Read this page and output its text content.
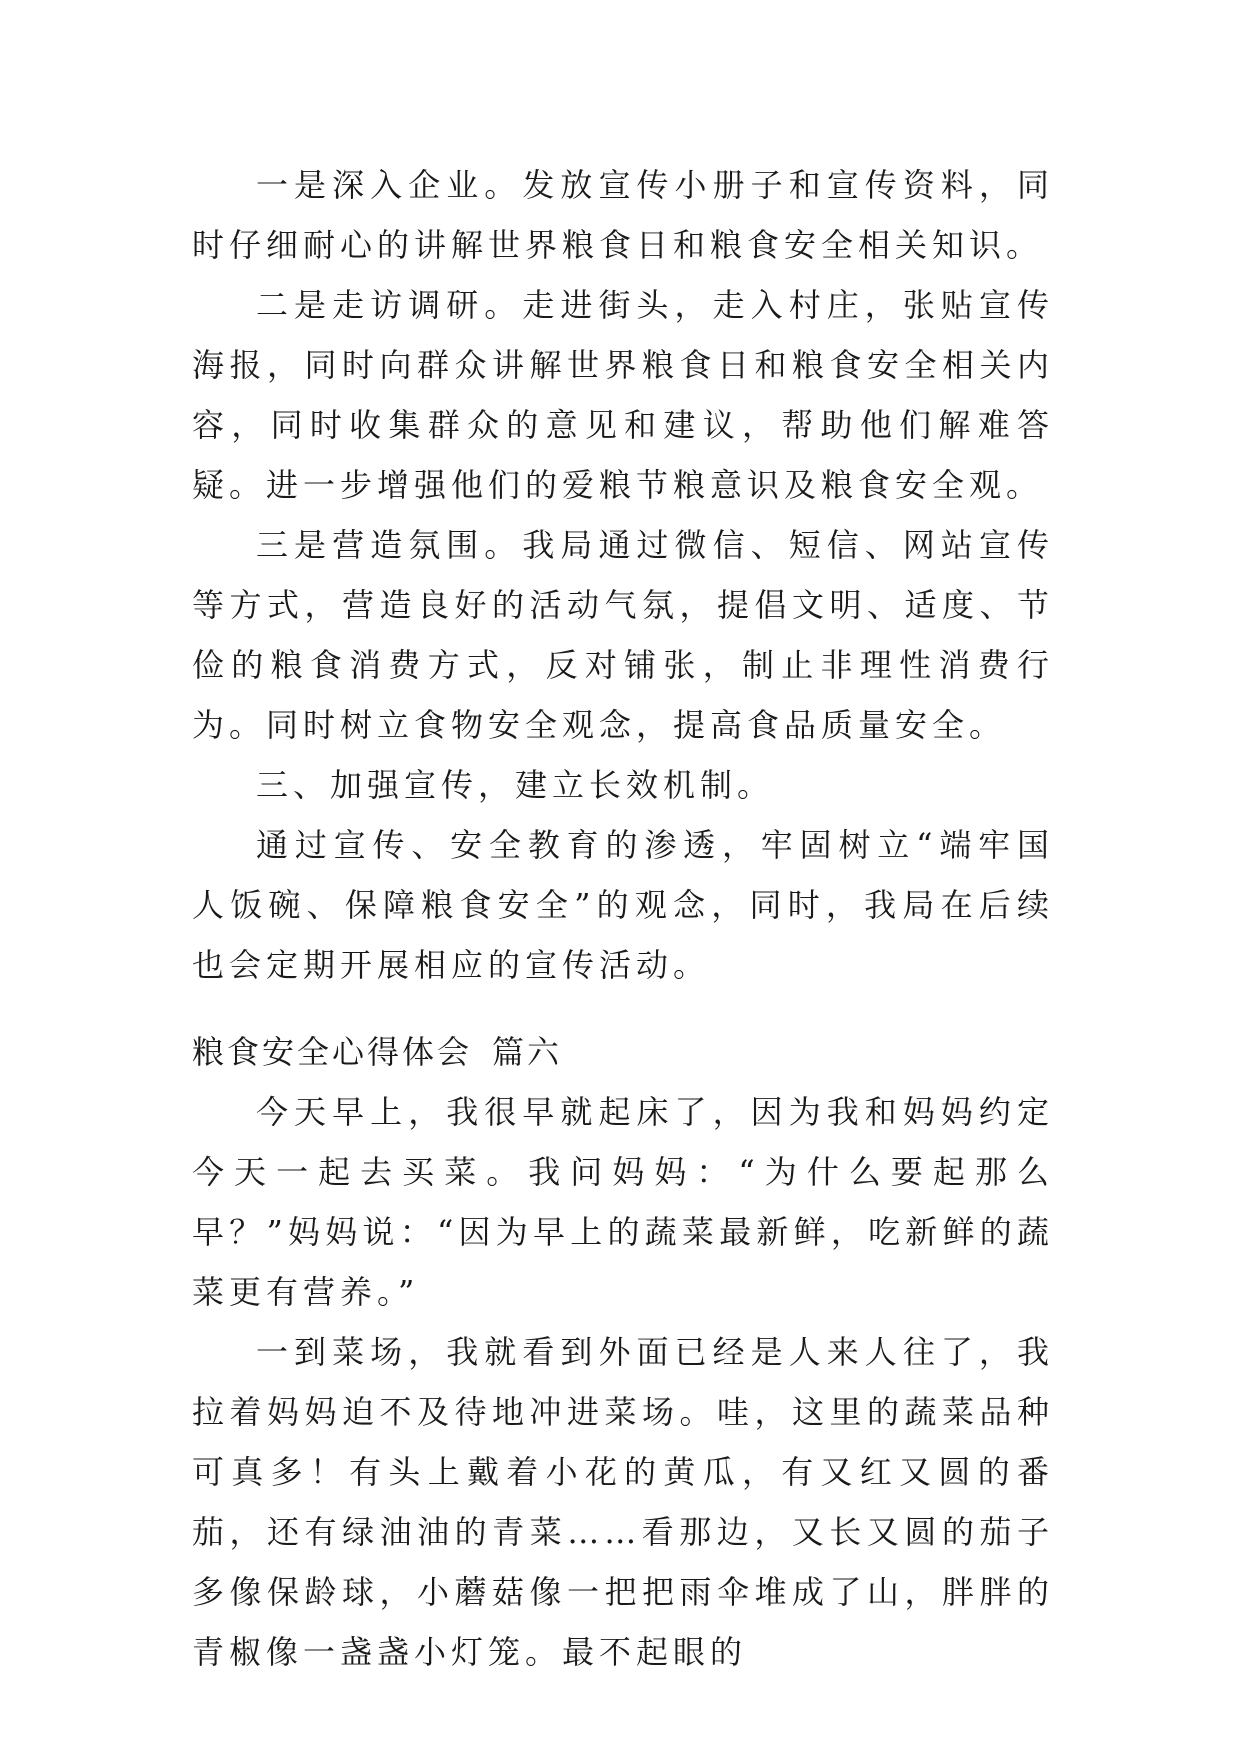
一是深入企业。发放宣传小册子和宣传资料，同时仔细耐心的讲解世界粮食日和粮食安全相关知识。

二是走访调研。走进街头，走入村庄，张贴宣传海报，同时向群众讲解世界粮食日和粮食安全相关内容，同时收集群众的意见和建议，帮助他们解难答疑。进一步增强他们的爱粮节粮意识及粮食安全观。

三是营造氛围。我局通过微信、短信、网站宣传等方式，营造良好的活动气氛，提倡文明、适度、节俭的粮食消费方式，反对铺张，制止非理性消费行为。同时树立食物安全观念，提高食品质量安全。

三、加强宣传，建立长效机制。

通过宣传、安全教育的渗透，牢固树立“端牢国人饭碗、保障粮食安全”的观念，同时，我局在后续也会定期开展相应的宣传活动。

粮食安全心得体会 篇六

今天早上，我很早就起床了，因为我和妈妈约定今天一起去买菜。我问妈妈：“为什么要起那么早？”妈妈说：“因为早上的蔬菜最新鲜，吃新鲜的蔬菜更有营养。”

一到菜场，我就看到外面已经是人来人往了，我拉着妈妈迫不及待地冲进菜场。哇，这里的蔬菜品种可真多！有头上戴着小花的黄瓜，有又红又圆的番茄，还有绿油油的青菜……看那边，又长又圆的茄子多像保龄球，小蘑菇像一把把雨伞堆成了山，胖胖的青椒像一盏盏小灯笼。最不起眼的
